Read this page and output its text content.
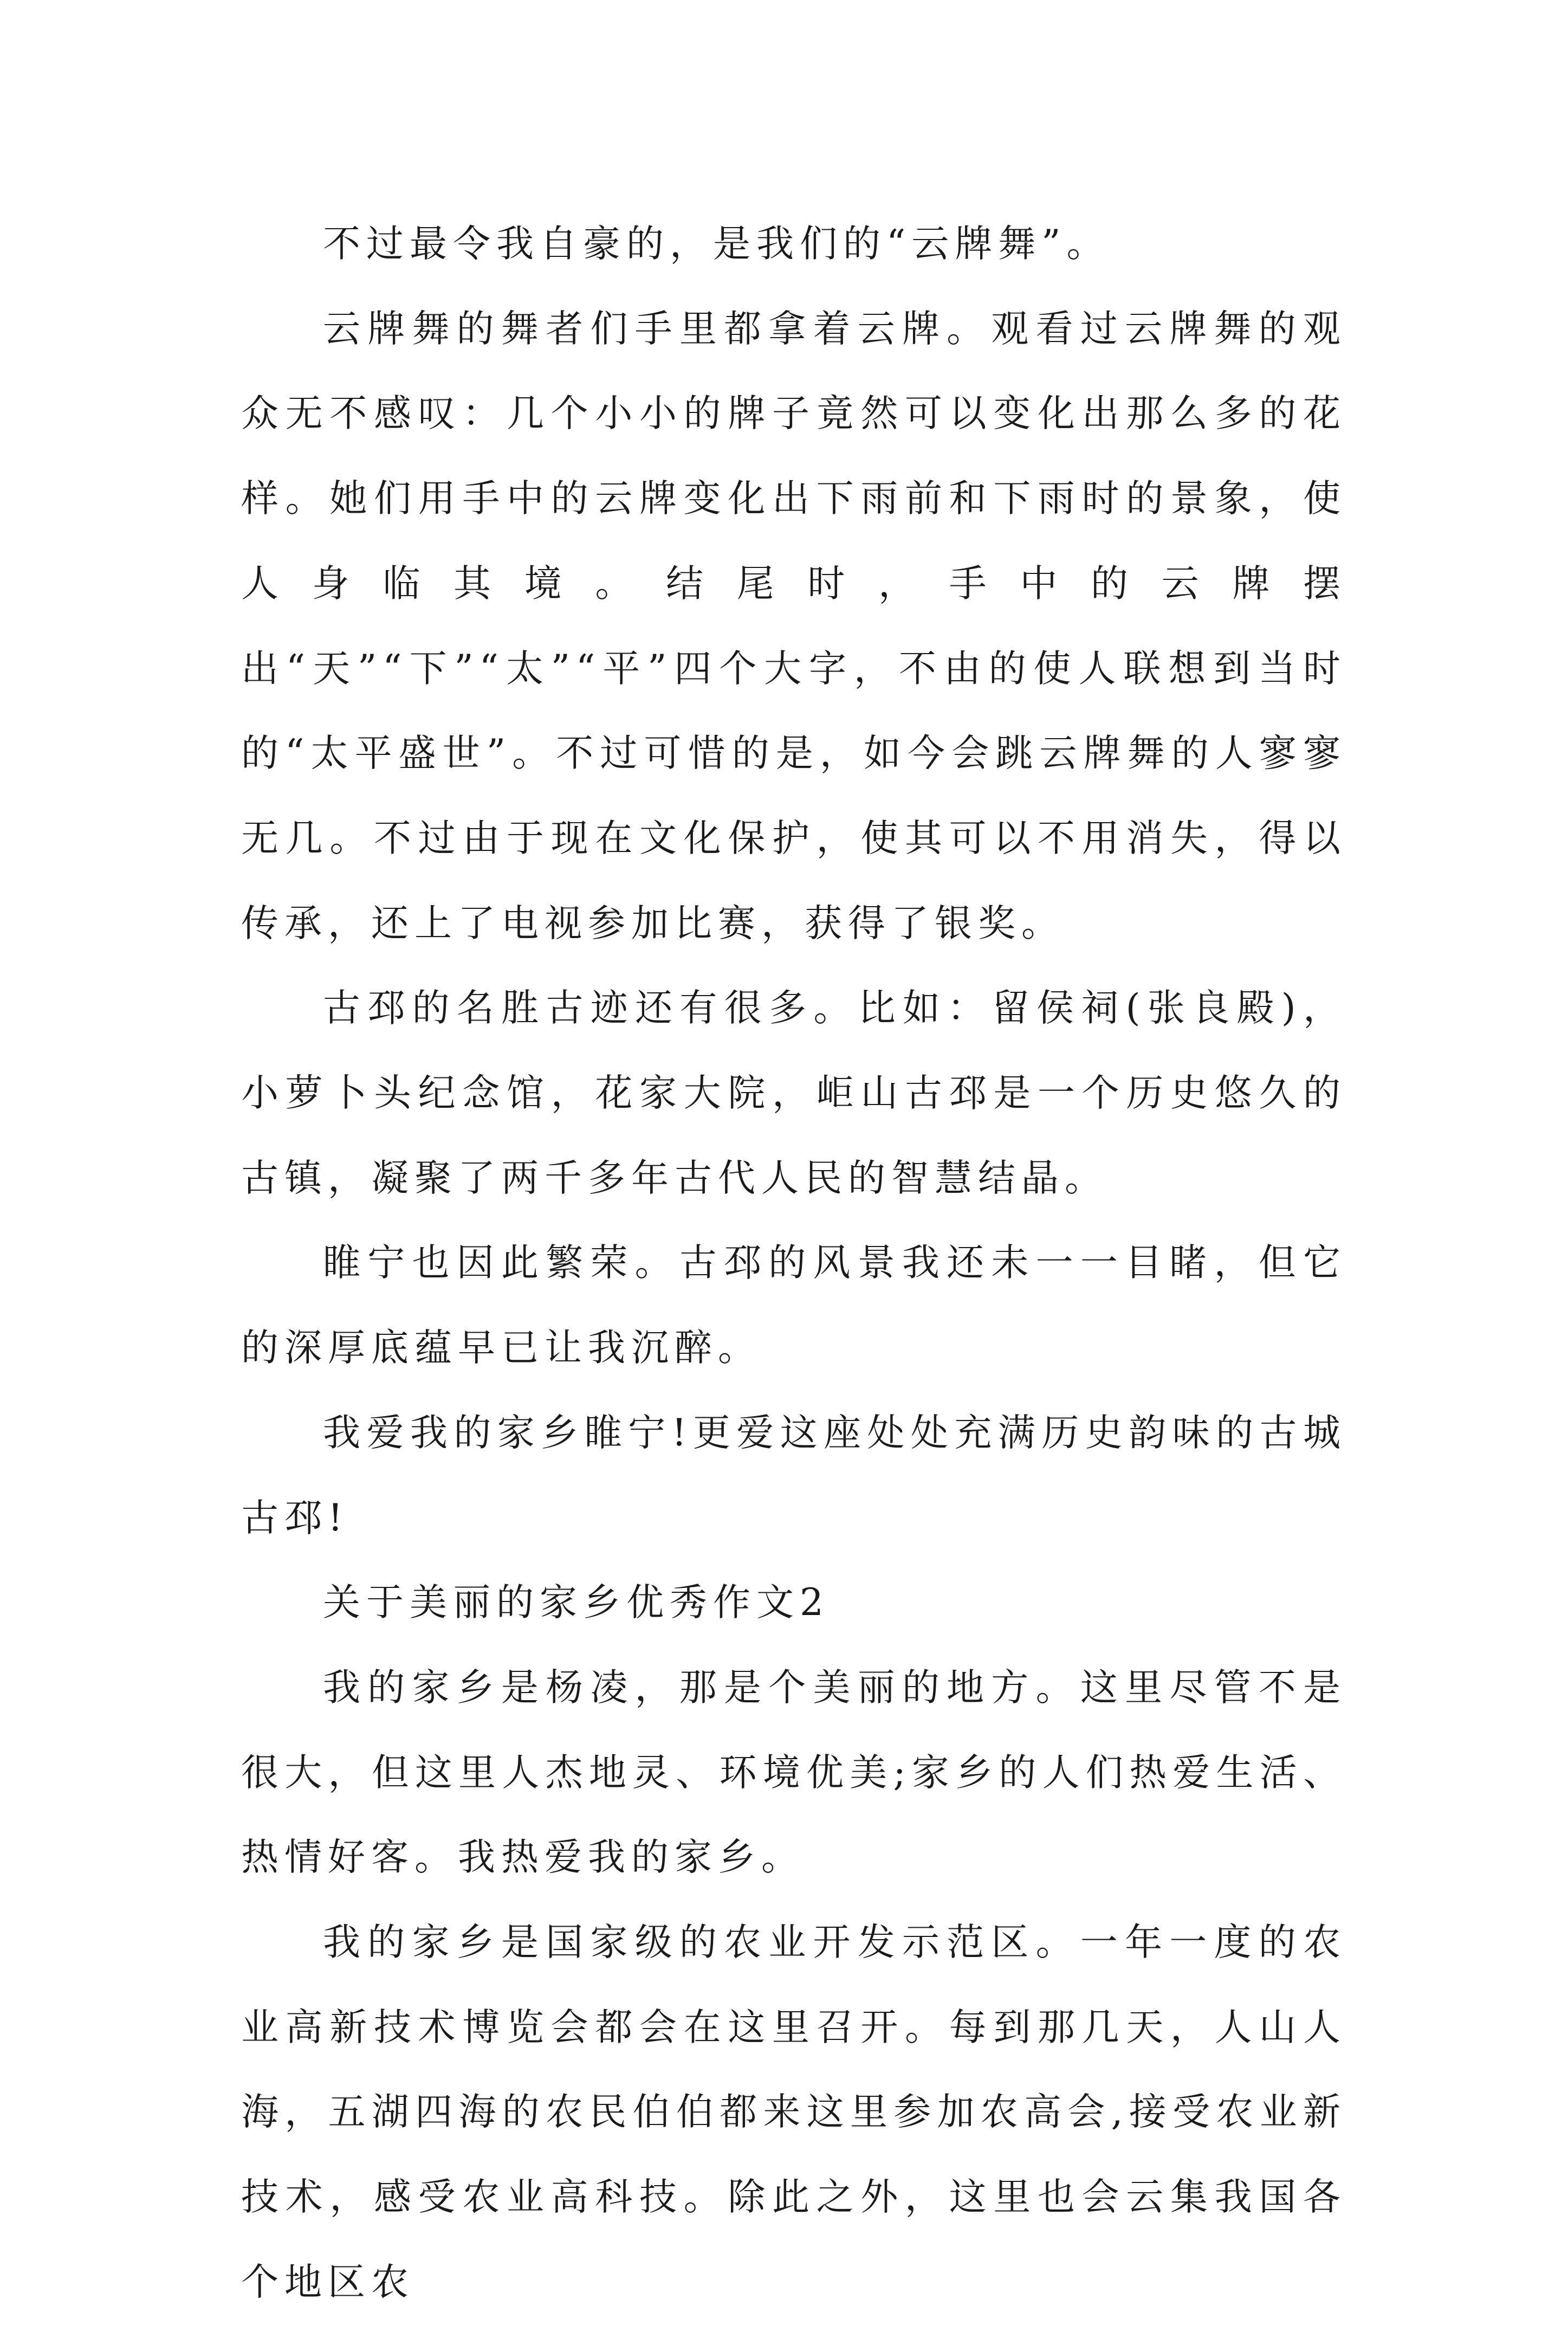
不过最令我自豪的，是我们的“云牌舞”。

云牌舞的舞者们手里都拿着云牌。观看过云牌舞的观众无不感叹：几个小小的牌子竟然可以变化出那么多的花样。她们用手中的云牌变化出下雨前和下雨时的景象，使人身临其境。结尾时，手中的云牌摆出“天”“下”“太”“平”四个大字，不由的使人联想到当时的“太平盛世”。不过可惜的是，如今会跳云牌舞的人寥寥无几。不过由于现在文化保护，使其可以不用消失，得以传承，还上了电视参加比赛，获得了银奖。

古邳的名胜古迹还有很多。比如：留侯祠(张良殿)，小萝卜头纪念馆，花家大院，岠山古邳是一个历史悠久的古镇，凝聚了两千多年古代人民的智慧结晶。

睢宁也因此繁荣。古邳的风景我还未一一目睹，但它的深厚底蕴早已让我沉醉。

我爱我的家乡睢宁!更爱这座处处充满历史韵味的古城古邳!

关于美丽的家乡优秀作文2

我的家乡是杨凌，那是个美丽的地方。这里尽管不是很大，但这里人杰地灵、环境优美;家乡的人们热爱生活、热情好客。我热爱我的家乡。

我的家乡是国家级的农业开发示范区。一年一度的农业高新技术博览会都会在这里召开。每到那几天，人山人海，五湖四海的农民伯伯都来这里参加农高会,接受农业新技术，感受农业高科技。除此之外，这里也会云集我国各个地区农
